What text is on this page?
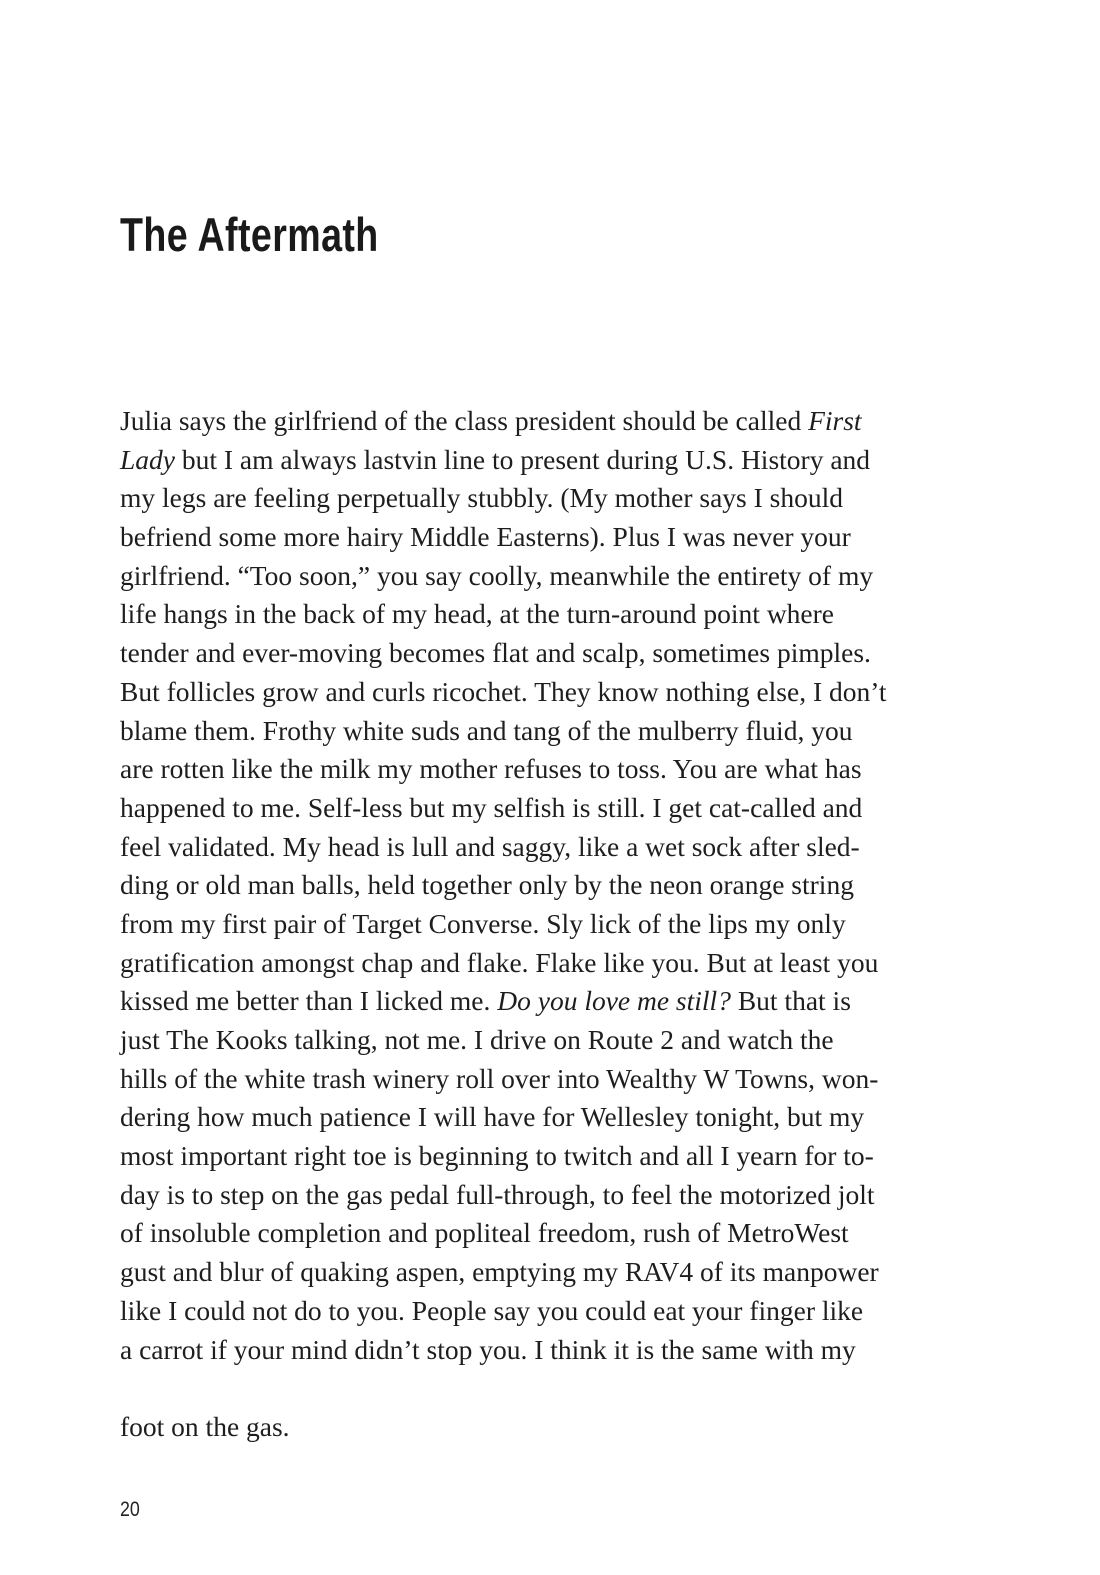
The Aftermath
Julia says the girlfriend of the class president should be called First
Lady but I am always lastvin line to present during U.S. History and
my legs are feeling perpetually stubbly. (My mother says I should
befriend some more hairy Middle Easterns). Plus I was never your
girlfriend. “Too soon,” you say coolly, meanwhile the entirety of my
life hangs in the back of my head, at the turn-around point where
tender and ever-moving becomes flat and scalp, sometimes pimples.
But follicles grow and curls ricochet. They know nothing else, I don’t
blame them. Frothy white suds and tang of the mulberry fluid, you
are rotten like the milk my mother refuses to toss. You are what has
happened to me. Self-less but my selfish is still. I get cat-called and
feel validated. My head is lull and saggy, like a wet sock after sled-
ding or old man balls, held together only by the neon orange string
from my first pair of Target Converse. Sly lick of the lips my only
gratification amongst chap and flake. Flake like you. But at least you
kissed me better than I licked me. Do you love me still? But that is
just The Kooks talking, not me. I drive on Route 2 and watch the
hills of the white trash winery roll over into Wealthy W Towns, won-
dering how much patience I will have for Wellesley tonight, but my
most important right toe is beginning to twitch and all I yearn for to-
day is to step on the gas pedal full-through, to feel the motorized jolt
of insoluble completion and popliteal freedom, rush of MetroWest
gust and blur of quaking aspen, emptying my RAV4 of its manpower
like I could not do to you. People say you could eat your finger like
a carrot if your mind didn’t stop you. I think it is the same with my
foot on the gas.
20
